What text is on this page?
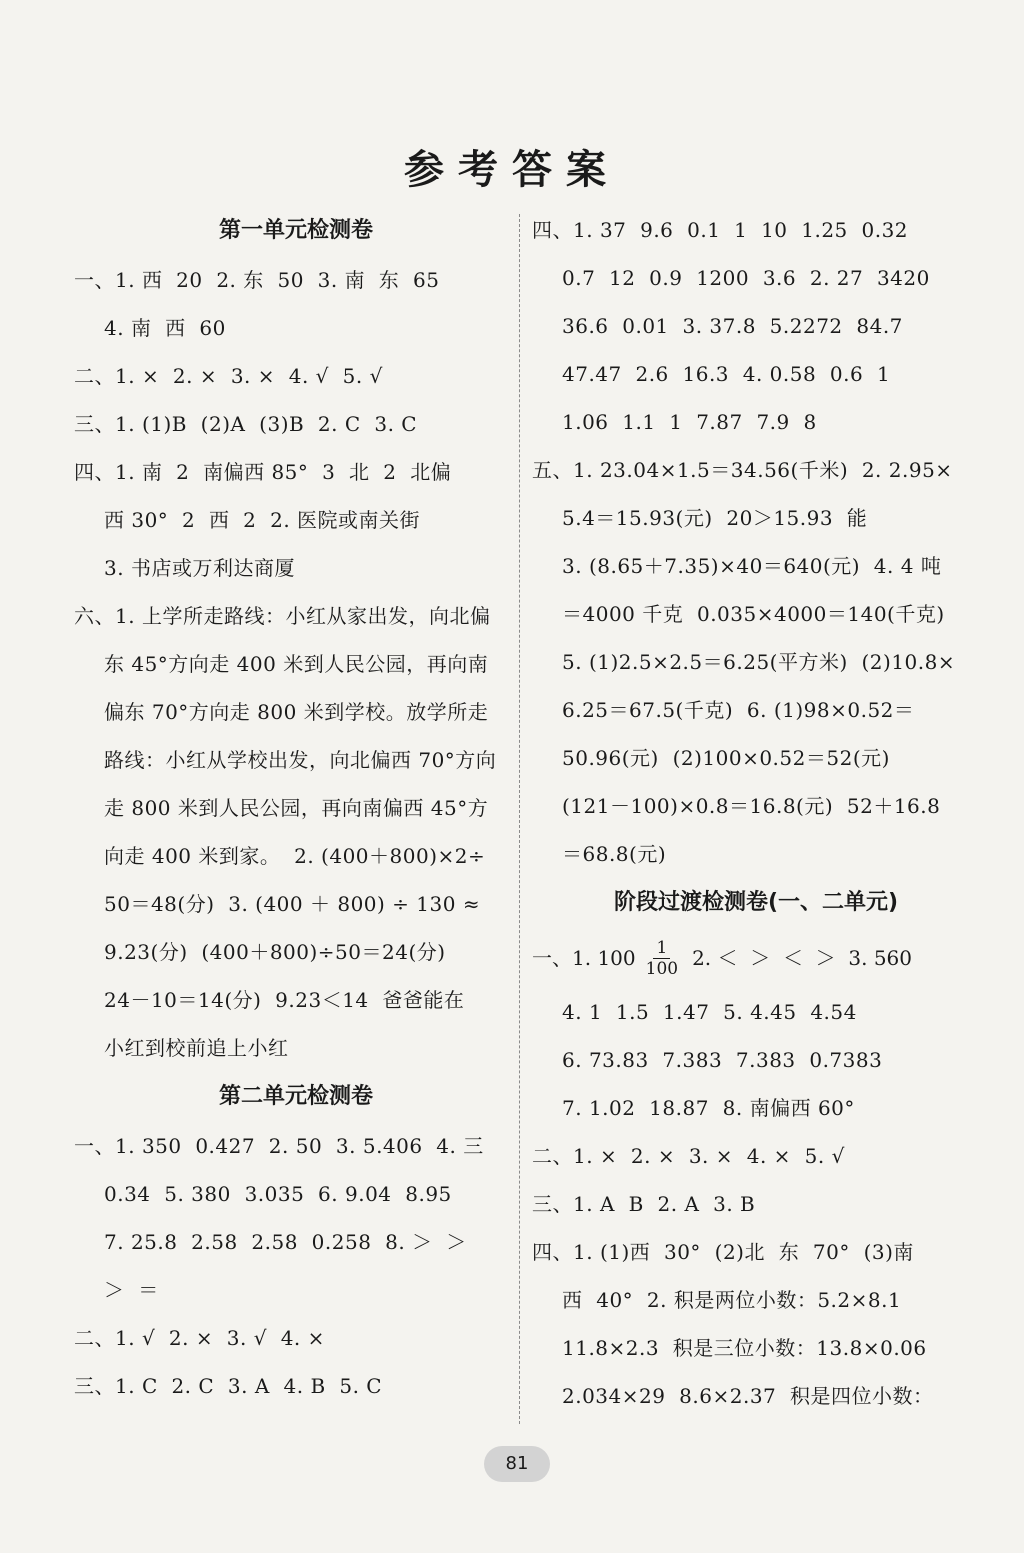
参考答案
第一单元检测卷
一、1. 西  20  2. 东  50  3. 南  东  65
4. 南  西  60
二、1. ×  2. ×  3. ×  4. √  5. √
三、1. (1)B  (2)A  (3)B  2. C  3. C
四、1. 南  2  南偏西 85°  3  北  2  北偏
西 30°  2  西  2  2. 医院或南关街
3. 书店或万利达商厦
六、1. 上学所走路线：小红从家出发，向北偏
东 45°方向走 400 米到人民公园，再向南
偏东 70°方向走 800 米到学校。放学所走
路线：小红从学校出发，向北偏西 70°方向
走 800 米到人民公园，再向南偏西 45°方
向走 400 米到家。  2. (400＋800)×2÷
50＝48(分)  3. (400 ＋ 800) ÷ 130 ≈
9.23(分)  (400＋800)÷50＝24(分)
24－10＝14(分)  9.23＜14  爸爸能在
小红到校前追上小红
第二单元检测卷
一、1. 350  0.427  2. 50  3. 5.406  4. 三
0.34  5. 380  3.035  6. 9.04  8.95
7. 25.8  2.58  2.58  0.258  8. ＞  ＞
＞  ＝
二、1. √  2. ×  3. √  4. ×
三、1. C  2. C  3. A  4. B  5. C
四、1. 37  9.6  0.1  1  10  1.25  0.32
0.7  12  0.9  1200  3.6  2. 27  3420
36.6  0.01  3. 37.8  5.2272  84.7
47.47  2.6  16.3  4. 0.58  0.6  1
1.06  1.1  1  7.87  7.9  8
五、1. 23.04×1.5＝34.56(千米)  2. 2.95×
5.4＝15.93(元)  20＞15.93  能
3. (8.65＋7.35)×40＝640(元)  4. 4 吨
＝4000 千克  0.035×4000＝140(千克)
5. (1)2.5×2.5＝6.25(平方米)  (2)10.8×
6.25＝67.5(千克)  6. (1)98×0.52＝
50.96(元)  (2)100×0.52＝52(元)
(121－100)×0.8＝16.8(元)  52＋16.8
＝68.8(元)
阶段过渡检测卷(一、二单元)
一、1. $100 \frac{1}{100} 2$. ＜  ＞  ＜  ＞  3. 560
4. 1  1.5  1.47  5. 4.45  4.54
6. 73.83  7.383  7.383  0.7383
7. 1.02  18.87  8. 南偏西 60°
二、1. ×  2. ×  3. ×  4. ×  5. √
三、1. A  B  2. A  3. B
四、1. (1)西  30°  (2)北  东  70°  (3)南
西  40°  2. 积是两位小数：5.2×8.1
11.8×2.3  积是三位小数：13.8×0.06
2.034×29  8.6×2.37  积是四位小数：
81
